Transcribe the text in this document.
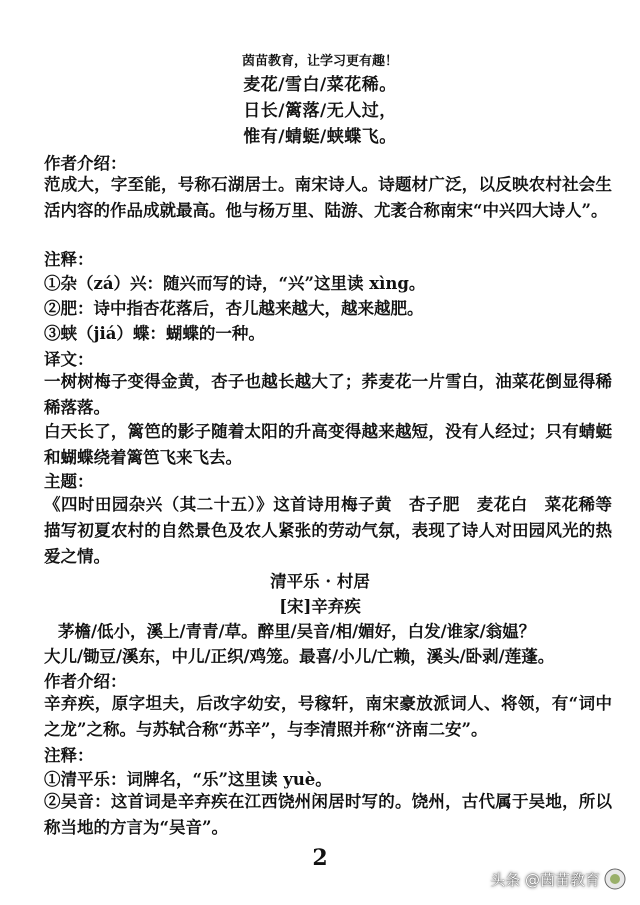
茵苗教育，让学习更有趣！
麦花/雪白/菜花稀。
日长/篱落/无人过，
惟有/蜻蜓/蛱蝶飞。
作者介绍：
范成大，字至能，号称石湖居士。南宋诗人。诗题材广泛，以反映农村社会生活内容的作品成就最高。他与杨万里、陆游、尤袤合称南宋“中兴四大诗人”。
注释：
①杂（zá）兴：随兴而写的诗，“兴”这里读 xìng。
②肥：诗中指杏花落后，杏儿越来越大，越来越肥。
③蛱（jiá）蝶：蝴蝶的一种。
译文：
一树树梅子变得金黄，杏子也越长越大了；荞麦花一片雪白，油菜花倒显得稀稀落落。
白天长了，篱笆的影子随着太阳的升高变得越来越短，没有人经过；只有蜻蜓和蝴蝶绕着篱笆飞来飞去。
主题：
《四时田园杂兴（其二十五）》这首诗用梅子黄　杏子肥　麦花白　菜花稀等描写初夏农村的自然景色及农人紧张的劳动气氛，表现了诗人对田园风光的热爱之情。
清平乐 · 村居
[宋]辛弃疾
茅檐/低小，溪上/青青/草。醉里/吴音/相/媚好，白发/谁家/翁媪？
大儿/锄豆/溪东，中儿/正织/鸡笼。最喜/小儿/亡赖，溪头/卧剥/莲蓬。
作者介绍：
辛弃疾，原字坦夫，后改字幼安，号稼轩，南宋豪放派词人、将领，有“词中之龙”之称。与苏轼合称“苏辛”，与李清照并称“济南二安”。
注释：
①清平乐：词牌名，“乐”这里读 yuè。
②吴音：这首词是辛弃疾在江西饶州闲居时写的。饶州，古代属于吴地，所以称当地的方言为“吴音”。
2
头条 @茵苗教育
